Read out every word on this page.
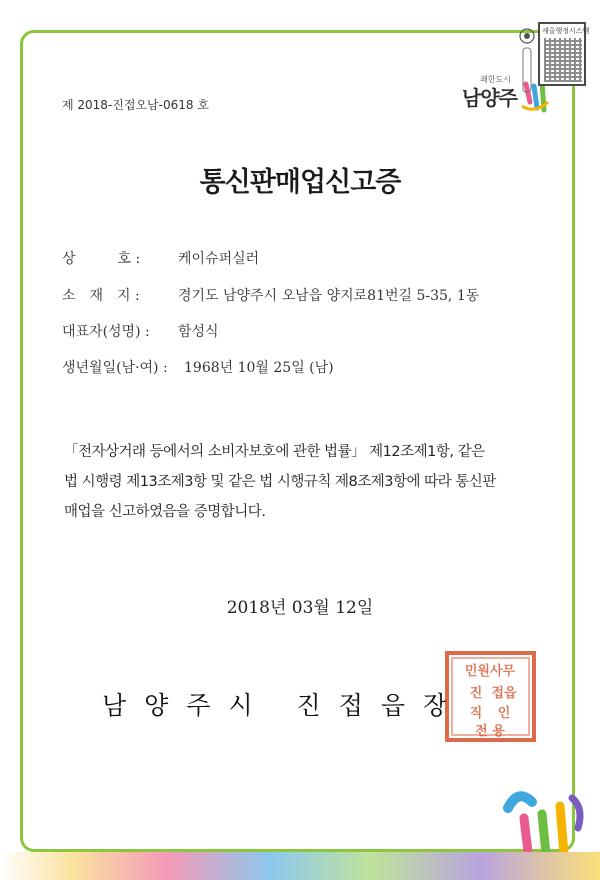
제 2018-진접오남-0618 호
쾌한도시
남양주
새올행정시스템
통신판매업신고증
상　　　호 :	케이슈퍼실러
소　재　지 :	경기도 남양주시 오남읍 양지로81번길 5-35, 1동
대표자(성명) : 함성식
생년월일(남·여) : 1968년 10월 25일 (남)
「전자상거래 등에서의 소비자보호에 관한 법률」 제12조제1항, 같은
법 시행령 제13조제3항 및 같은 법 시행규칙 제8조제3항에 따라 통신판
매업을 신고하였음을 증명합니다.
2018년 03월 12일
남양주시 진접읍장
민원사무
진 접읍
직 인
전 용
